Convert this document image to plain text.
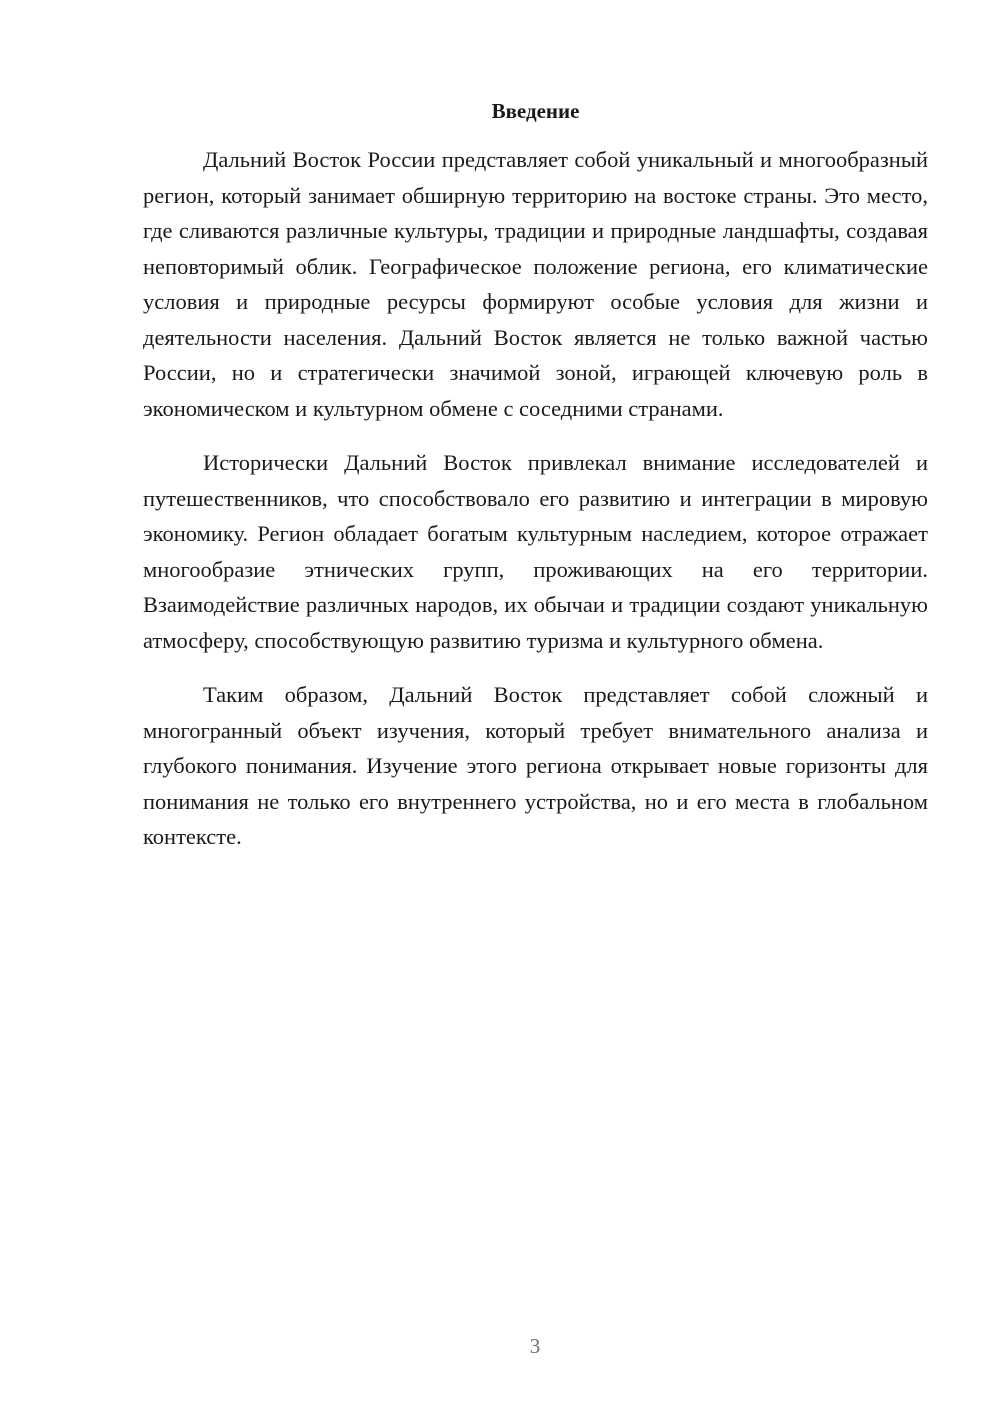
Введение

Дальний Восток России представляет собой уникальный и многообразный регион, который занимает обширную территорию на востоке страны. Это место, где сливаются различные культуры, традиции и природные ландшафты, создавая неповторимый облик. Географическое положение региона, его климатические условия и природные ресурсы формируют особые условия для жизни и деятельности населения. Дальний Восток является не только важной частью России, но и стратегически значимой зоной, играющей ключевую роль в экономическом и культурном обмене с соседними странами.

Исторически Дальний Восток привлекал внимание исследователей и путешественников, что способствовало его развитию и интеграции в мировую экономику. Регион обладает богатым культурным наследием, которое отражает многообразие этнических групп, проживающих на его территории. Взаимодействие различных народов, их обычаи и традиции создают уникальную атмосферу, способствующую развитию туризма и культурного обмена.

Таким образом, Дальний Восток представляет собой сложный и многогранный объект изучения, который требует внимательного анализа и глубокого понимания. Изучение этого региона открывает новые горизонты для понимания не только его внутреннего устройства, но и его места в глобальном контексте.

3
